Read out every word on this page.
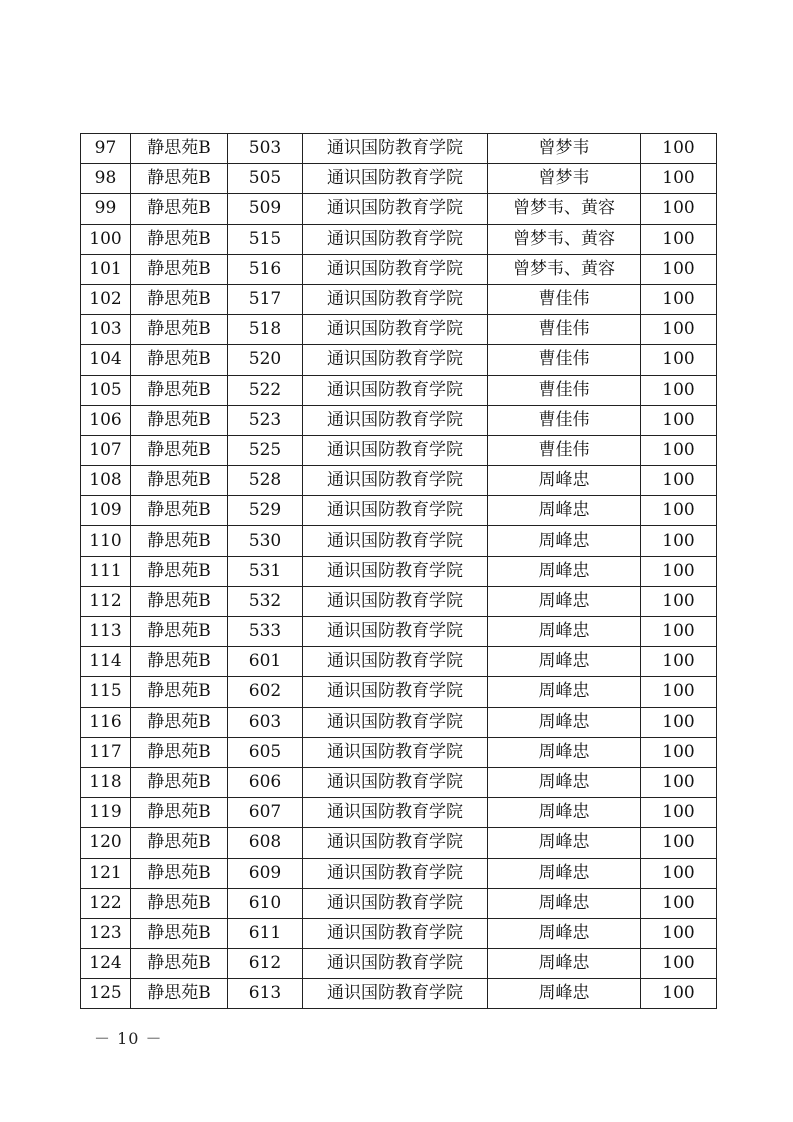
97	静思苑B	503	通识国防教育学院	曾梦韦	100
98	静思苑B	505	通识国防教育学院	曾梦韦	100
99	静思苑B	509	通识国防教育学院	曾梦韦、黄容	100
100	静思苑B	515	通识国防教育学院	曾梦韦、黄容	100
101	静思苑B	516	通识国防教育学院	曾梦韦、黄容	100
102	静思苑B	517	通识国防教育学院	曹佳伟	100
103	静思苑B	518	通识国防教育学院	曹佳伟	100
104	静思苑B	520	通识国防教育学院	曹佳伟	100
105	静思苑B	522	通识国防教育学院	曹佳伟	100
106	静思苑B	523	通识国防教育学院	曹佳伟	100
107	静思苑B	525	通识国防教育学院	曹佳伟	100
108	静思苑B	528	通识国防教育学院	周峰忠	100
109	静思苑B	529	通识国防教育学院	周峰忠	100
110	静思苑B	530	通识国防教育学院	周峰忠	100
111	静思苑B	531	通识国防教育学院	周峰忠	100
112	静思苑B	532	通识国防教育学院	周峰忠	100
113	静思苑B	533	通识国防教育学院	周峰忠	100
114	静思苑B	601	通识国防教育学院	周峰忠	100
115	静思苑B	602	通识国防教育学院	周峰忠	100
116	静思苑B	603	通识国防教育学院	周峰忠	100
117	静思苑B	605	通识国防教育学院	周峰忠	100
118	静思苑B	606	通识国防教育学院	周峰忠	100
119	静思苑B	607	通识国防教育学院	周峰忠	100
120	静思苑B	608	通识国防教育学院	周峰忠	100
121	静思苑B	609	通识国防教育学院	周峰忠	100
122	静思苑B	610	通识国防教育学院	周峰忠	100
123	静思苑B	611	通识国防教育学院	周峰忠	100
124	静思苑B	612	通识国防教育学院	周峰忠	100
125	静思苑B	613	通识国防教育学院	周峰忠	100
－ 10 －
